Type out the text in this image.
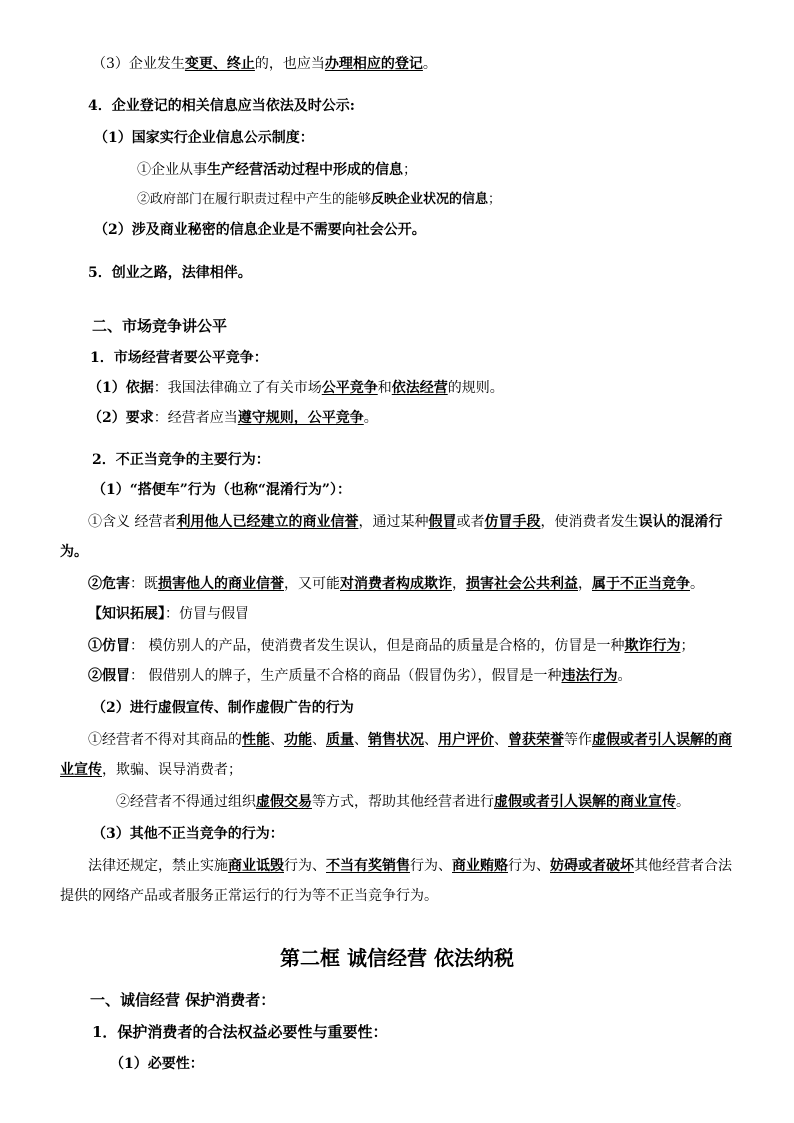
（3）企业发生变更、终止的，也应当办理相应的登记。
4．企业登记的相关信息应当依法及时公示:
（1）国家实行企业信息公示制度：
①企业从事生产经营活动过程中形成的信息；
②政府部门在履行职责过程中产生的能够反映企业状况的信息；
（2）涉及商业秘密的信息企业是不需要向社会公开。
5．创业之路，法律相伴。
二、市场竞争讲公平
1．市场经营者要公平竞争：
（1）依据：我国法律确立了有关市场公平竞争和依法经营的规则。
（2）要求：经营者应当遵守规则，公平竞争。
2．不正当竞争的主要行为：
（1）“搭便车”行为（也称“混淆行为”）：
①含义 经营者利用他人已经建立的商业信誉，通过某种假冒或者仿冒手段，使消费者发生误认的混淆行
为。
②危害：既损害他人的商业信誉，又可能对消费者构成欺诈，损害社会公共利益，属于不正当竞争。
【知识拓展】：仿冒与假冒
①仿冒： 模仿别人的产品，使消费者发生误认，但是商品的质量是合格的，仿冒是一种欺诈行为；
②假冒： 假借别人的牌子，生产质量不合格的商品（假冒伪劣），假冒是一种违法行为。
（2）进行虚假宣传、制作虚假广告的行为
①经营者不得对其商品的性能、功能、质量、销售状况、用户评价、曾获荣誉等作虚假或者引人误解的商
业宣传，欺骗、误导消费者；
②经营者不得通过组织虚假交易等方式，帮助其他经营者进行虚假或者引人误解的商业宣传。
（3）其他不正当竞争的行为：
法律还规定，禁止实施商业诋毁行为、不当有奖销售行为、商业贿赂行为、妨碍或者破坏其他经营者合法
提供的网络产品或者服务正常运行的行为等不正当竞争行为。
第二框 诚信经营 依法纳税
一、诚信经营 保护消费者：
1．保护消费者的合法权益必要性与重要性：
（1）必要性：
